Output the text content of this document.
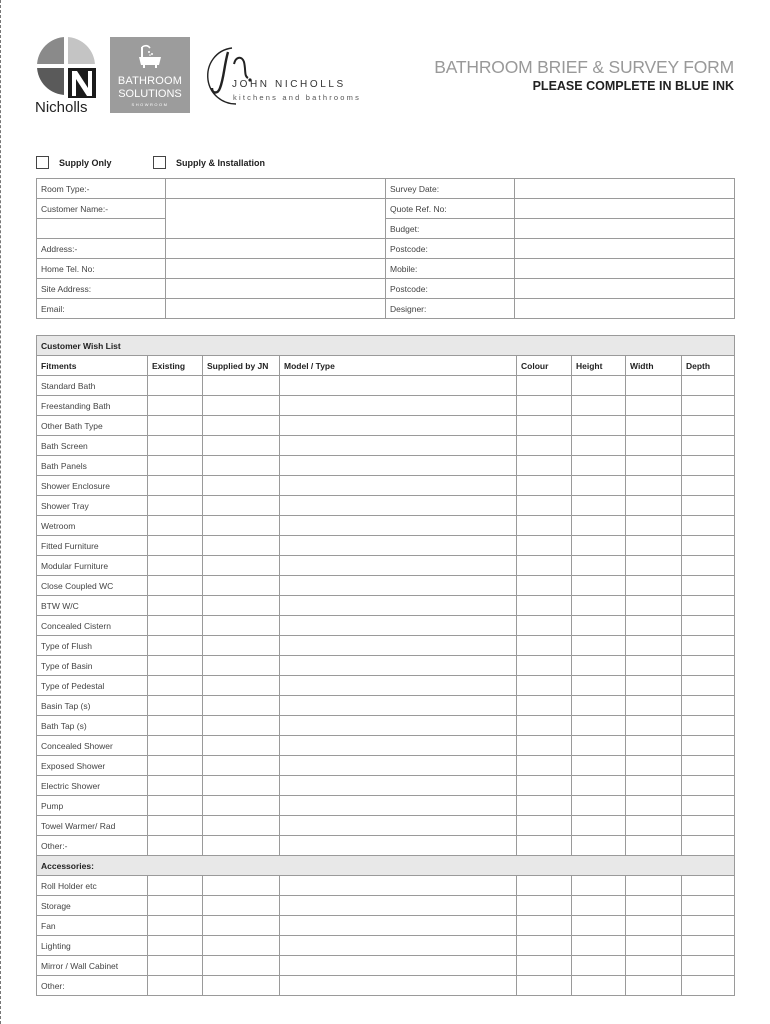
Nicholls
BATHROOM
SOLUTIONS
SHOWROOM
JOHN NICHOLLS
kitchens and bathrooms
BATHROOM BRIEF & SURVEY FORM
PLEASE COMPLETE IN BLUE INK
Supply Only	Supply & Installation
Room Type:-		Survey Date:	
Customer Name:-		Quote Ref. No:	
		Budget:	
Address:-		Postcode:	
Home Tel. No:		Mobile:	
Site Address:		Postcode:	
Email:		Designer:	
Customer Wish List							
Fitments	Existing	Supplied by JN	Model / Type	Colour	Height	Width	Depth
Standard Bath							
Freestanding Bath							
Other Bath Type							
Bath Screen							
Bath Panels							
Shower Enclosure							
Shower Tray							
Wetroom							
Fitted Furniture							
Modular Furniture							
Close Coupled WC							
BTW W/C							
Concealed Cistern							
Type of Flush							
Type of Basin							
Type of Pedestal							
Basin Tap (s)							
Bath Tap (s)							
Concealed Shower							
Exposed Shower							
Electric Shower							
Pump							
Towel Warmer/ Rad							
Other:-							
Accessories:							
Roll Holder etc							
Storage							
Fan							
Lighting							
Mirror / Wall Cabinet							
Other:							
